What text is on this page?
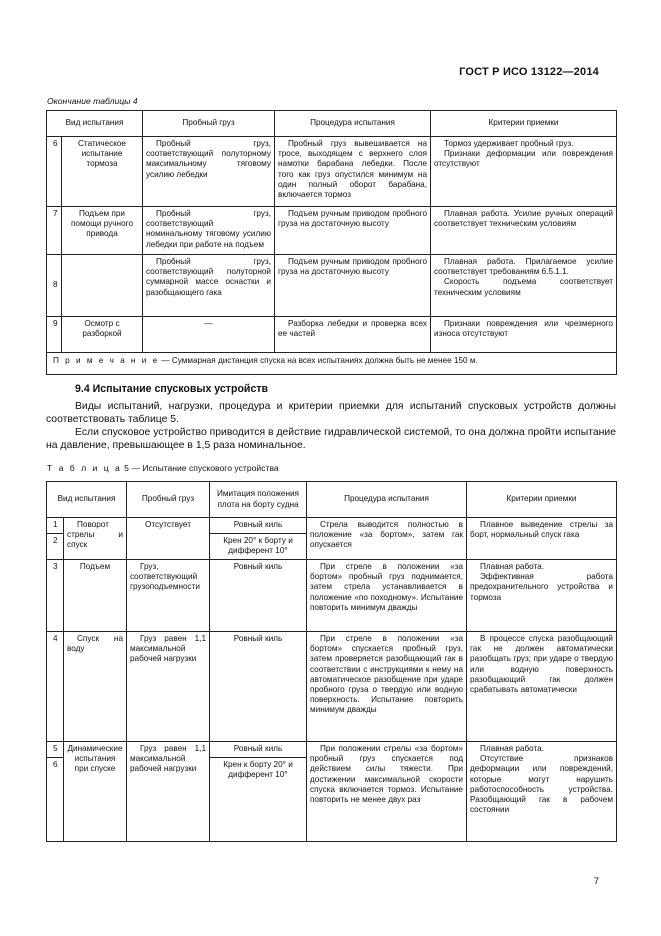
ГОСТ Р ИСО 13122—2014
Окончание таблицы 4
Вид испытания		Пробный груз	Процедура испытания	Критерии приемки
6	Статическое испытание тормоза	Пробный груз, соответствующий полуторному максимальному тяговому усилию лебедки	Пробный груз вывешивается на тросе, выходящем с верхнего слоя намотки барабана лебедки. После того как груз опустился минимум на один полный оборот барабана, включается тормоз	Тормоз удерживает пробный груз.

Признаки деформации или повреждения отсутствуют

7	Подъем при помощи ручного привода	Пробный груз, соответствующий номинальному тяговому усилию лебедки при работе на подъем	Подъем ручным приводом пробного груза на достаточную высоту	Плавная работа. Усилие ручных операций соответствует техническим условиям

8		Пробный груз, соответствующий полуторной суммарной массе оснастки и разобщающего гака	Подъем ручным приводом пробного груза на достаточную высоту	Плавная работа. Прилагаемое усилие соответствует требованиям 6.5.1.1.

Скорость подъема соответствует техническим условиям

9	Осмотр с разборкой	—	Разборка лебедки и проверка всех ее частей	Признаки повреждения или чрезмерного износа отсутствуют

П р и м е ч а н и е — Суммарная дистанция спуска на всех испытаниях должна быть не менее 150 м.				
9.4 Испытание спусковых устройств

Виды испытаний, нагрузки, процедура и критерии приемки для испытаний спусковых устройств должны соответствовать таблице 5.

Если спусковое устройство приводится в действие гидравлической системой, то она должна пройти испытание на давление, превышающее в 1,5 раза номинальное.

Т а б л и ц а 5 — Испытание спускового устройства
Вид испытания		Пробный груз	Имитация положения плота на борту судна	Процедура испытания	Критерии приемки
1	Поворот стрелы и спуск	Отсутствует	Ровный киль	Стрела выводится полностью в положение «за бортом», затем гак опускается	Плавное выведение стрелы за борт, нормальный спуск гака
2			Крен 20° к борту и дифферент 10°		
3	Подъем	Груз, соответствующий грузоподъемности	Ровный киль	При стреле в положении «за бортом» пробный груз поднимается, затем стрела устанавливается в положение «по походному». Испытание повторить минимум дважды	Плавная работа.

Эффективная работа предохранительного устройства и тормоза

4	Спуск на воду	Груз равен 1,1 максимальной рабочей нагрузки	Ровный киль	При стреле в положении «за бортом» спускается пробный груз, затем проверяется разобщающий гак в соответствии с инструкциями к нему на автоматическое разобщение при ударе пробного груза о твердую или водную поверхность. Испытание повторить минимум дважды	В процессе спуска разобщающий гак не должен автоматически разобщать груз; при ударе о твердую или водную поверхность разобщающий гак должен срабатывать автоматически
5	Динамические испытания при спуске	Груз равен 1,1 максимальной рабочей нагрузки	Ровный киль	При положении стрелы «за бортом» пробный груз спускается под действием силы тяжести. При достижении максимальной скорости спуска включается тормоз. Испытание повторить не менее двух раз	Плавная работа.

Отсутствие признаков деформации или повреждений, которые могут нарушить работоспособность устройства. Разобщающий гак в рабочем состоянии

6			Крен к борту 20° и дифферент 10°		
7
